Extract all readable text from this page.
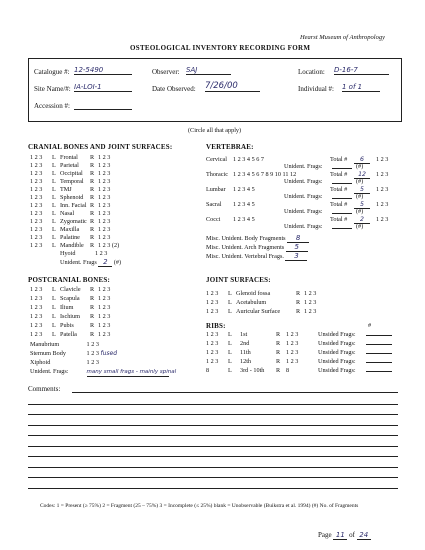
Hearst Museum of Anthropology
OSTEOLOGICAL INVENTORY RECORDING FORM
Catalogue #: 12-5490	Observer: SAJ	Location: D-16-7
Site Name/#: IA-LOI-1	Date Observed: 7/26/00	Individual #: 1 of 1
Accession #:
(Circle all that apply)
CRANIAL BONES AND JOINT SURFACES:
1 2 3 L Frontal R 1 2 3
1 2 3 L Parietal R 1 2 3
1 2 3 L Occipital R 1 2 3
1 2 3 L Temporal R 1 2 3
1 2 3 L TMJ	R 1 2 3
1 2 3 L Sphenoid R 1 2 3
1 2 3 L Inn. Facial R 1 2 3
1 2 3 L Nasal	R 1 2 3
1 2 3 L Zygomatic R 1 2 3
1 2 3 L Maxilla R 1 2 3
1 2 3 L Palatine R 1 2 3
1 2 3 L Mandible R 1 2 3 (2)
Hyoid	1 2 3
Unident. Frags 2 (#)
VERTEBRAE:
Cervical 1 2 3 4 5 6 7	Total #	6	1 2 3
Unident. Frags:	(#)
Thoracic 1 2 3 4 5 6 7 8 9 10 11 12	Total #	12	1 2 3
Unident. Frags:	(#)
Lumbar 1 2 3 4 5	Total #	5	1 2 3
Unident. Frags:	(#)
Sacral 1 2 3 4 5	Total #	5	1 2 3
Unident. Frags:	(#)
Cocci 1 2 3 4 5	Total #	2	1 2 3
Unident. Frags:	(#)
Misc. Unident. Body Fragments 8
Misc. Unident. Arch Fragments 5
Misc. Unident. Vertebral Frags. 3
POSTCRANIAL BONES:
1 2 3 L Clavicle R 1 2 3
1 2 3 L Scapula R 1 2 3
1 2 3 L Ilium	R 1 2 3
1 2 3 L Ischium R 1 2 3
1 2 3 L Pubis	R 1 2 3
1 2 3 L Patella R 1 2 3
Manubrium	1 2 3
Sternum Body	1 2 3 fused
Xiphoid	1 2 3
Unident. Frags:	many small frags - mainly spinal
JOINT SURFACES:
1 2 3 L Glenoid fossa	R 1 2 3
1 2 3 L Acetabulum	R 1 2 3
1 2 3 L Auricular Surface	R 1 2 3
RIBS:	#
1 2 3 L 1st	R 1 2 3	Unsided Frags:
1 2 3 L 2nd	R 1 2 3	Unsided Frags:
1 2 3 L 11th	R 1 2 3	Unsided Frags:
1 2 3 L 12th	R 1 2 3	Unsided Frags:
8	L 3rd - 10th R 8	Unsided Frags:
Comments:
Codes: 1 = Present (≥ 75%) 2 = Fragment (25 – 75%) 3 = Incomplete (≤ 25%) blank = Unobservable (Buikstra et al. 1994) (#) No. of Fragments
Page 11 of 24
